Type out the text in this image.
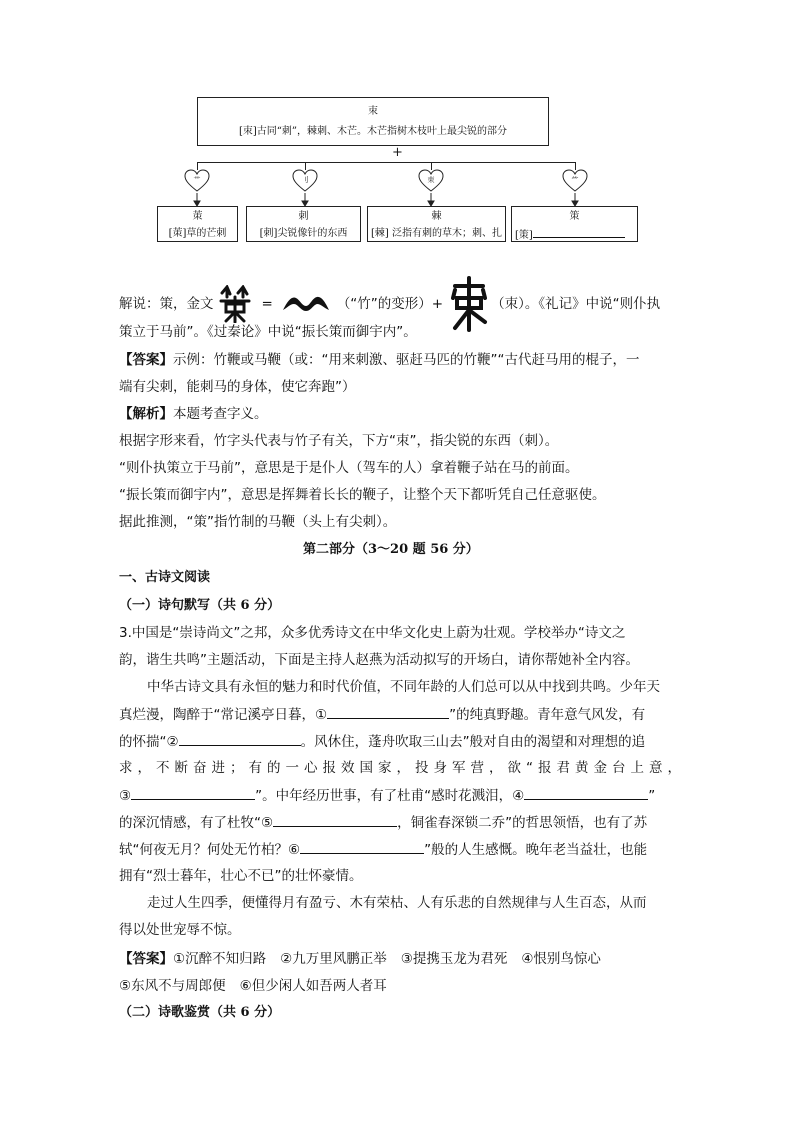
朿
[朿]古同“刺”，棘刺、木芒。木芒指树木枝叶上最尖锐的部分
+
艹	刂	朿	⺮
茦
[茦]草的芒刺
刺
[刺]尖锐像针的东西
棘
[棘] 泛指有刺的草木；刺、扎
策
[策]
解说：策，金文	=	（“竹”的变形）+	（朿）。《礼记》中说“则仆执
策立于马前”。《过秦论》中说“振长策而御宇内”。
【答案】示例：竹鞭或马鞭（或：“用来刺激、驱赶马匹的竹鞭”“古代赶马用的棍子，一
端有尖刺，能刺马的身体，使它奔跑”）
【解析】本题考查字义。
根据字形来看，竹字头代表与竹子有关，下方“朿”，指尖锐的东西（刺）。
“则仆执策立于马前”，意思是于是仆人（驾车的人）拿着鞭子站在马的前面。
“振长策而御宇内”，意思是挥舞着长长的鞭子，让整个天下都听凭自己任意驱使。
据此推测，“策”指竹制的马鞭（头上有尖刺）。
第二部分（3～20 题 56 分）
一、古诗文阅读
（一）诗句默写（共 6 分）
3.中国是“崇诗尚文”之邦，众多优秀诗文在中华文化史上蔚为壮观。学校举办“诗文之
韵，谐生共鸣”主题活动，下面是主持人赵燕为活动拟写的开场白，请你帮她补全内容。
中华古诗文具有永恒的魅力和时代价值，不同年龄的人们总可以从中找到共鸣。少年天
真烂漫，陶醉于“常记溪亭日暮，①	”的纯真野趣。青年意气风发，有
的怀揣“②	。风休住，蓬舟吹取三山去”般对自由的渴望和对理想的追
求 ， 不 断 奋 进 ； 有 的 一 心 报 效 国 家 ， 投 身 军 营 ， 欲 “ 报 君 黄 金 台 上 意 ，
③	”。中年经历世事，有了杜甫“感时花溅泪，④	”
的深沉情感，有了杜牧“⑤	，铜雀春深锁二乔”的哲思领悟，也有了苏
轼“何夜无月？何处无竹柏？⑥	”般的人生感慨。晚年老当益壮，也能
拥有“烈士暮年，壮心不已”的壮怀豪情。
走过人生四季，便懂得月有盈亏、木有荣枯、人有乐悲的自然规律与人生百态，从而
得以处世宠辱不惊。
【答案】①沉醉不知归路 ②九万里风鹏正举 ③提携玉龙为君死 ④恨别鸟惊心
⑤东风不与周郎便 ⑥但少闲人如吾两人者耳
（二）诗歌鉴赏（共 6 分）
